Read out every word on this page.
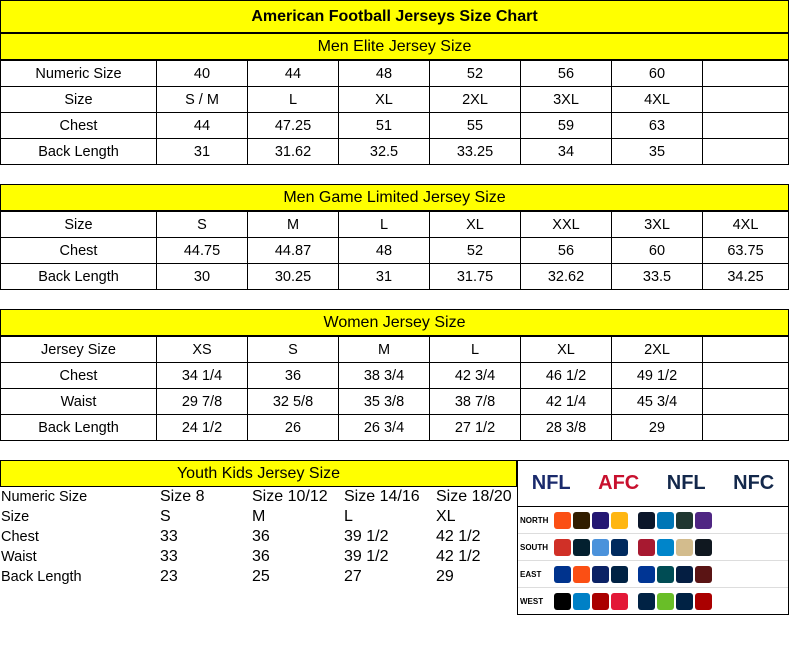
American Football Jerseys Size Chart
Men Elite Jersey Size
Numeric Size	40	44	48	52	56	60	
Size	S / M	L	XL	2XL	3XL	4XL	
Chest	44	47.25	51	55	59	63	
Back Length	31	31.62	32.5	33.25	34	35	
Men Game Limited Jersey Size
Size	S	M	L	XL	XXL	3XL	4XL
Chest	44.75	44.87	48	52	56	60	63.75
Back Length	30	30.25	31	31.75	32.62	33.5	34.25
Women Jersey Size
Jersey Size	XS	S	M	L	XL	2XL	
Chest	34 1/4	36	38 3/4	42 3/4	46 1/2	49 1/2	
Waist	29 7/8	32 5/8	35 3/8	38 7/8	42 1/4	45 3/4	
Back Length	24 1/2	26	26 3/4	27 1/2	28 3/8	29	
Youth Kids Jersey Size
Numeric Size	Size 8	Size 10/12	Size 14/16	Size 18/20
Size	S	M	L	XL
Chest	33	36	39 1/2	42 1/2
Waist	33	36	39 1/2	42 1/2
Back Length	23	25	27	29
NFL AFC NFL NFC
NORTH
SOUTH
EAST
WEST
